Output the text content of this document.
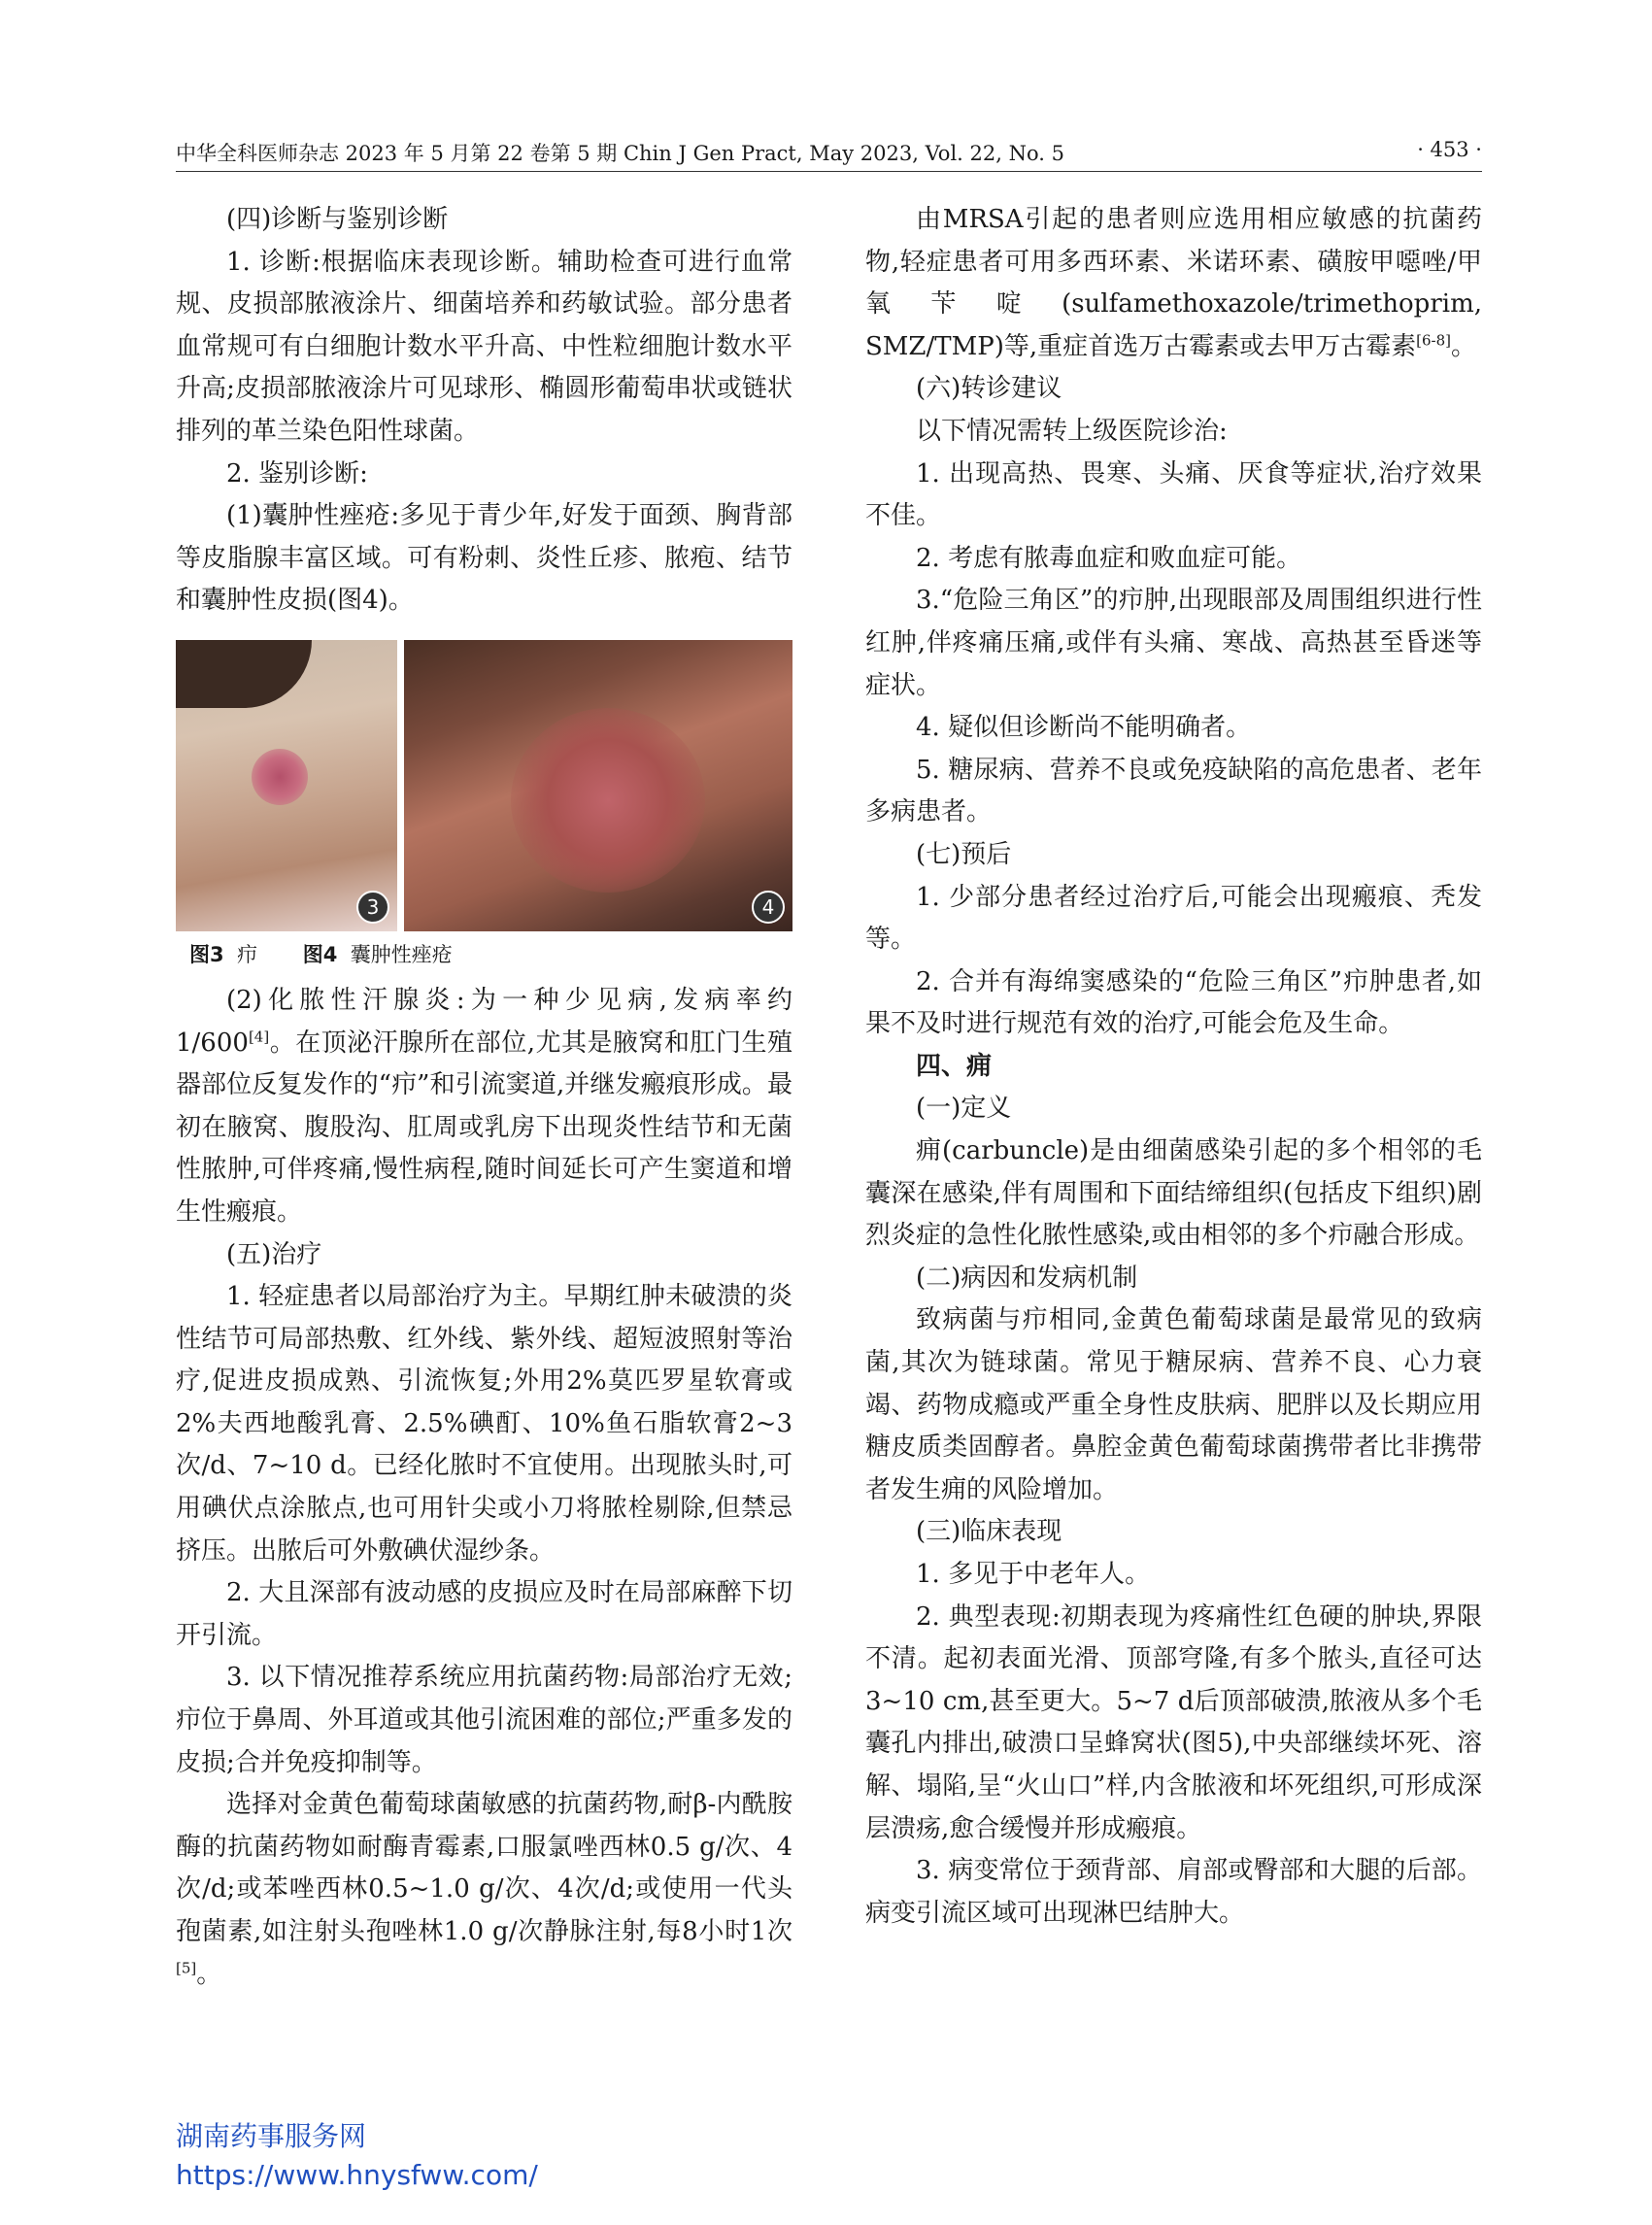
中华全科医师杂志 2023 年 5 月第 22 卷第 5 期 Chin J Gen Pract, May 2023, Vol. 22, No. 5	· 453 ·

(四)诊断与鉴别诊断

1. 诊断:根据临床表现诊断。辅助检查可进行血常规、皮损部脓液涂片、细菌培养和药敏试验。部分患者血常规可有白细胞计数水平升高、中性粒细胞计数水平升高;皮损部脓液涂片可见球形、椭圆形葡萄串状或链状排列的革兰染色阳性球菌。

2. 鉴别诊断:

(1)囊肿性痤疮:多见于青少年,好发于面颈、胸背部等皮脂腺丰富区域。可有粉刺、炎性丘疹、脓疱、结节和囊肿性皮损(图4)。

3	4
图3 疖 图4 囊肿性痤疮

(2)化脓性汗腺炎:为一种少见病,发病率约1/600[4]。在顶泌汗腺所在部位,尤其是腋窝和肛门生殖器部位反复发作的“疖”和引流窦道,并继发瘢痕形成。最初在腋窝、腹股沟、肛周或乳房下出现炎性结节和无菌性脓肿,可伴疼痛,慢性病程,随时间延长可产生窦道和增生性瘢痕。

(五)治疗

1. 轻症患者以局部治疗为主。早期红肿未破溃的炎性结节可局部热敷、红外线、紫外线、超短波照射等治疗,促进皮损成熟、引流恢复;外用2%莫匹罗星软膏或2%夫西地酸乳膏、2.5%碘酊、10%鱼石脂软膏2~3次/d、7~10 d。已经化脓时不宜使用。出现脓头时,可用碘伏点涂脓点,也可用针尖或小刀将脓栓剔除,但禁忌挤压。出脓后可外敷碘伏湿纱条。

2. 大且深部有波动感的皮损应及时在局部麻醉下切开引流。

3. 以下情况推荐系统应用抗菌药物:局部治疗无效;疖位于鼻周、外耳道或其他引流困难的部位;严重多发的皮损;合并免疫抑制等。

选择对金黄色葡萄球菌敏感的抗菌药物,耐β-内酰胺酶的抗菌药物如耐酶青霉素,口服氯唑西林0.5 g/次、4次/d;或苯唑西林0.5~1.0 g/次、4次/d;或使用一代头孢菌素,如注射头孢唑林1.0 g/次静脉注射,每8小时1次[5]。

由MRSA引起的患者则应选用相应敏感的抗菌药物,轻症患者可用多西环素、米诺环素、磺胺甲噁唑/甲氧苄啶(sulfamethoxazole/trimethoprim, SMZ/TMP)等,重症首选万古霉素或去甲万古霉素[6-8]。

(六)转诊建议

以下情况需转上级医院诊治:

1. 出现高热、畏寒、头痛、厌食等症状,治疗效果不佳。

2. 考虑有脓毒血症和败血症可能。

3.“危险三角区”的疖肿,出现眼部及周围组织进行性红肿,伴疼痛压痛,或伴有头痛、寒战、高热甚至昏迷等症状。

4. 疑似但诊断尚不能明确者。

5. 糖尿病、营养不良或免疫缺陷的高危患者、老年多病患者。

(七)预后

1. 少部分患者经过治疗后,可能会出现瘢痕、秃发等。

2. 合并有海绵窦感染的“危险三角区”疖肿患者,如果不及时进行规范有效的治疗,可能会危及生命。

四、痈

(一)定义

痈(carbuncle)是由细菌感染引起的多个相邻的毛囊深在感染,伴有周围和下面结缔组织(包括皮下组织)剧烈炎症的急性化脓性感染,或由相邻的多个疖融合形成。

(二)病因和发病机制

致病菌与疖相同,金黄色葡萄球菌是最常见的致病菌,其次为链球菌。常见于糖尿病、营养不良、心力衰竭、药物成瘾或严重全身性皮肤病、肥胖以及长期应用糖皮质类固醇者。鼻腔金黄色葡萄球菌携带者比非携带者发生痈的风险增加。

(三)临床表现

1. 多见于中老年人。

2. 典型表现:初期表现为疼痛性红色硬的肿块,界限不清。起初表面光滑、顶部穹隆,有多个脓头,直径可达3~10 cm,甚至更大。5~7 d后顶部破溃,脓液从多个毛囊孔内排出,破溃口呈蜂窝状(图5),中央部继续坏死、溶解、塌陷,呈“火山口”样,内含脓液和坏死组织,可形成深层溃疡,愈合缓慢并形成瘢痕。

3. 病变常位于颈背部、肩部或臀部和大腿的后部。病变引流区域可出现淋巴结肿大。

湖南药事服务网
https://www.hnysfww.com/
